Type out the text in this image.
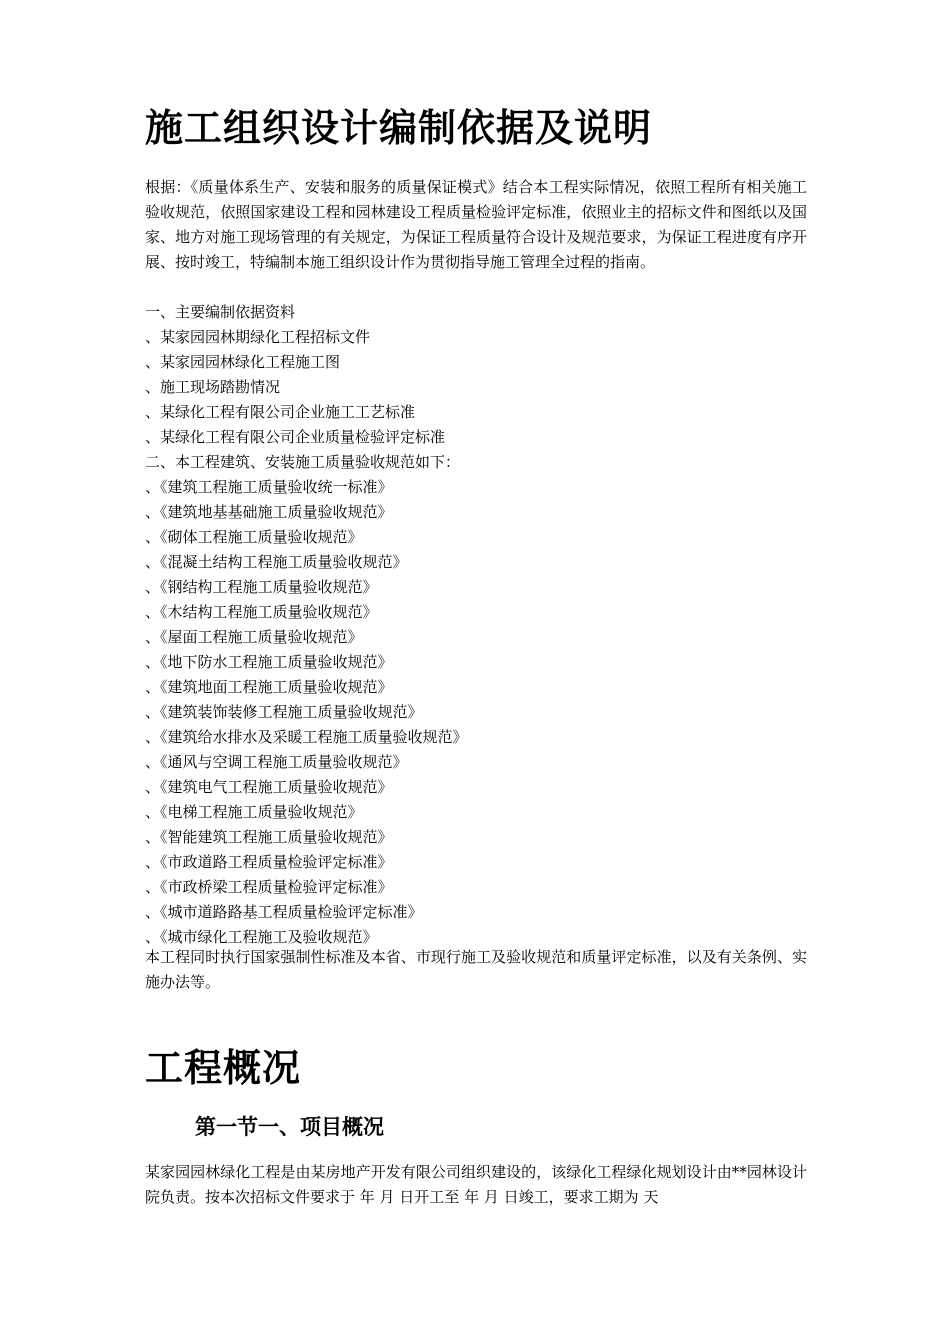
施工组织设计编制依据及说明
根据：《质量体系生产、安装和服务的质量保证模式》结合本工程实际情况，依照工程所有相关施工验收规范，依照国家建设工程和园林建设工程质量检验评定标准，依照业主的招标文件和图纸以及国家、地方对施工现场管理的有关规定，为保证工程质量符合设计及规范要求，为保证工程进度有序开展、按时竣工，特编制本施工组织设计作为贯彻指导施工管理全过程的指南。
一、主要编制依据资料
、某家园园林期绿化工程招标文件
、某家园园林绿化工程施工图
、施工现场踏勘情况
、某绿化工程有限公司企业施工工艺标准
、某绿化工程有限公司企业质量检验评定标准
二、本工程建筑、安装施工质量验收规范如下：
、《建筑工程施工质量验收统一标准》
、《建筑地基基础施工质量验收规范》
、《砌体工程施工质量验收规范》
、《混凝土结构工程施工质量验收规范》
、《钢结构工程施工质量验收规范》
、《木结构工程施工质量验收规范》
、《屋面工程施工质量验收规范》
、《地下防水工程施工质量验收规范》
、《建筑地面工程施工质量验收规范》
、《建筑装饰装修工程施工质量验收规范》
、《建筑给水排水及采暖工程施工质量验收规范》
、《通风与空调工程施工质量验收规范》
、《建筑电气工程施工质量验收规范》
、《电梯工程施工质量验收规范》
、《智能建筑工程施工质量验收规范》
、《市政道路工程质量检验评定标准》
、《市政桥梁工程质量检验评定标准》
、《城市道路路基工程质量检验评定标准》
、《城市绿化工程施工及验收规范》
本工程同时执行国家强制性标准及本省、市现行施工及验收规范和质量评定标准，以及有关条例、实施办法等。
工程概况
第一节一、项目概况
某家园园林绿化工程是由某房地产开发有限公司组织建设的，该绿化工程绿化规划设计由**园林设计院负责。按本次招标文件要求于 年 月 日开工至 年 月 日竣工，要求工期为 天
